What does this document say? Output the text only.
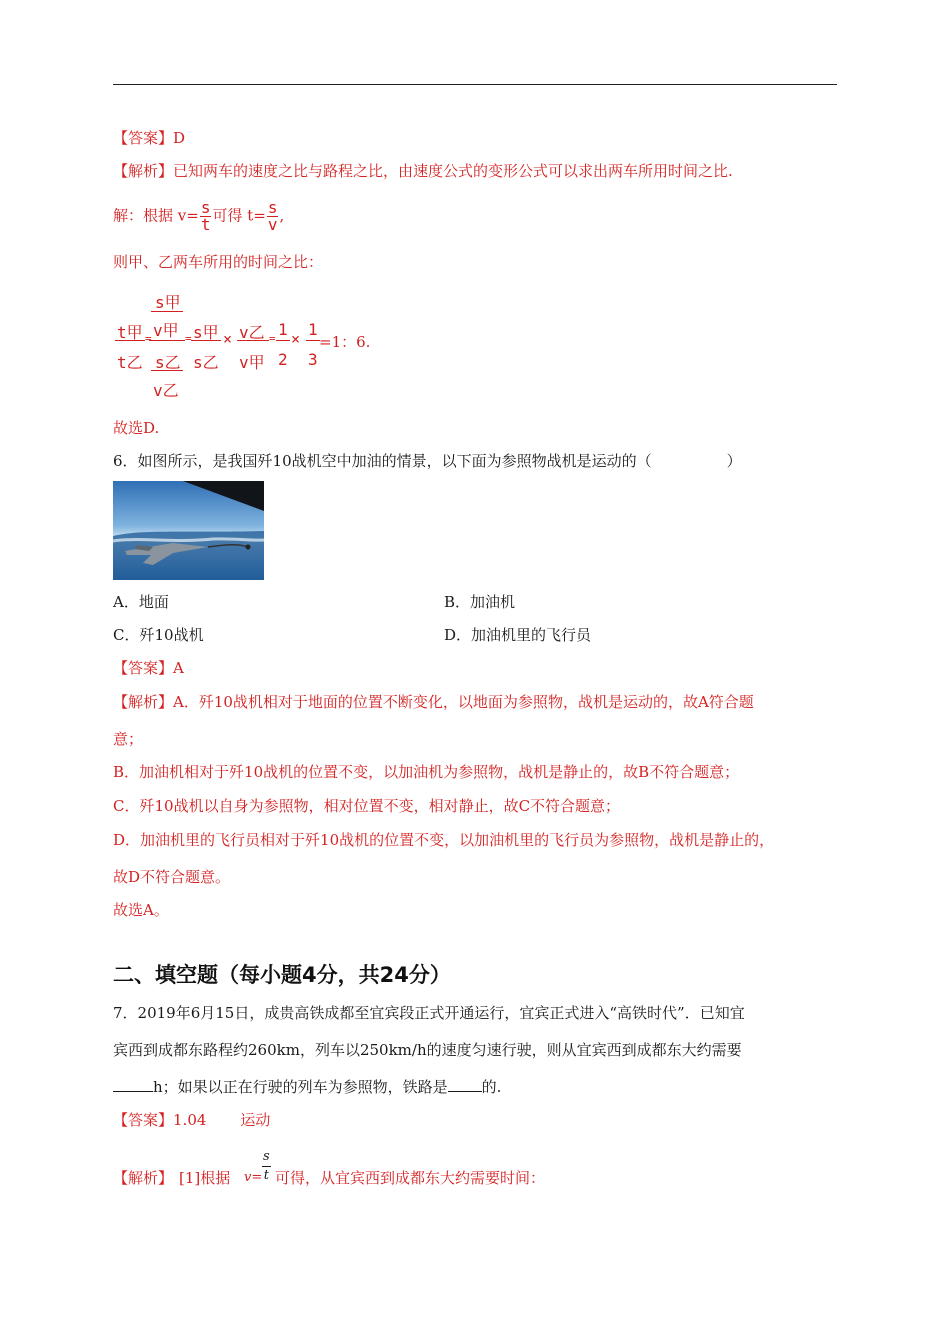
【答案】D
【解析】已知两车的速度之比与路程之比，由速度公式的变形公式可以求出两车所用时间之比.
解：根据 $v= \frac{s}{t}$ 可得 $t= \frac{s}{v}$ ,
则甲、乙两车所用的时间之比：
t甲
t乙
=
s甲
v甲
s乙
v乙
= s甲
s乙
× v乙
v甲
= 1
2
× 1
3
=1：6.
故选D.
6．如图所示，是我国歼10战机空中加油的情景，以下面为参照物战机是运动的（　　　　　）
A．地面	B．加油机
C．歼10战机	D．加油机里的飞行员
【答案】A
【解析】A．歼10战机相对于地面的位置不断变化，以地面为参照物，战机是运动的，故A符合题
意；
B．加油机相对于歼10战机的位置不变，以加油机为参照物，战机是静止的，故B不符合题意；
C．歼10战机以自身为参照物，相对位置不变，相对静止，故C不符合题意；
D．加油机里的飞行员相对于歼10战机的位置不变，以加油机里的飞行员为参照物，战机是静止的，
故D不符合题意。
故选A。
二、填空题（每小题4分，共24分）
7．2019年6月15日，成贵高铁成都至宜宾段正式开通运行，宜宾正式进入“高铁时代”．已知宜
宾西到成都东路程约260km，列车以250km/h的速度匀速行驶，则从宜宾西到成都东大约需要
h；如果以正在行驶的列车为参照物，铁路是 的.
【答案】1.04 运动
【解析】 [1]根据 $v= \frac{s}{t}$ 可得，从宜宾西到成都东大约需要时间：
